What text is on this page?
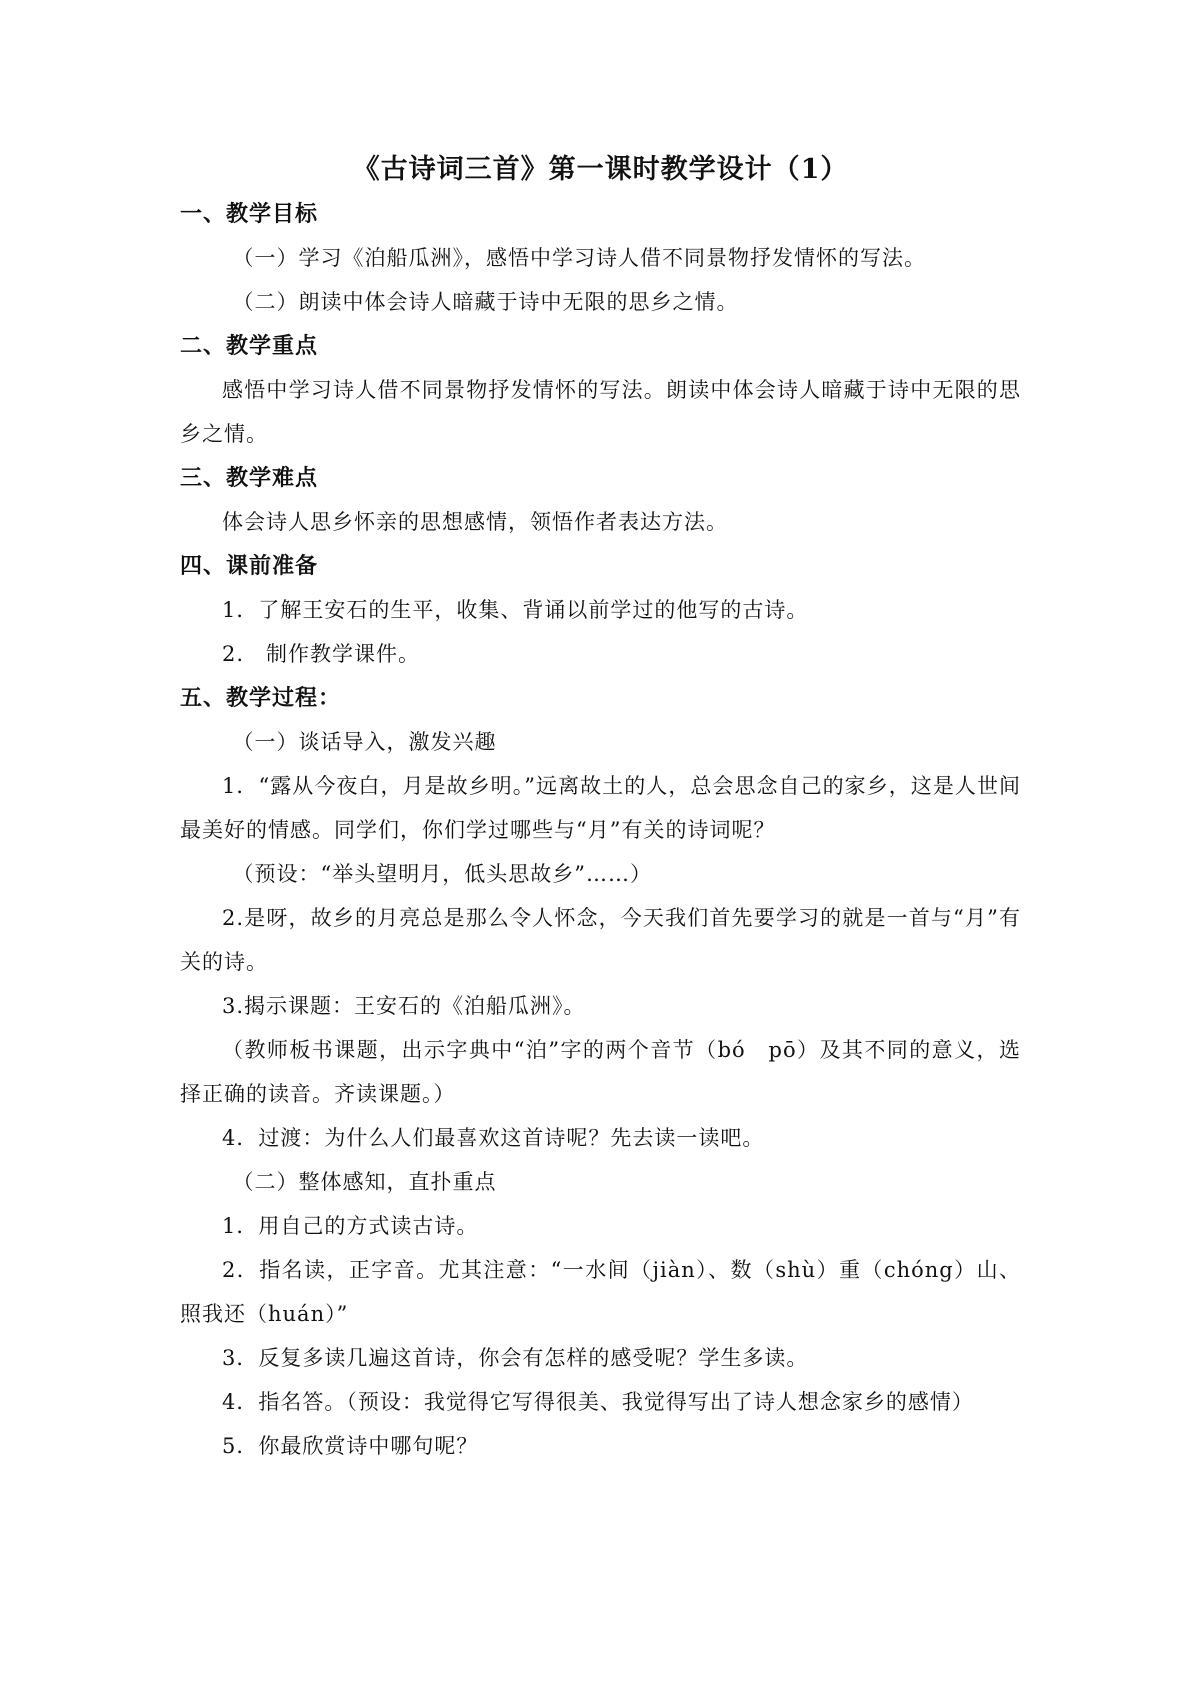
《古诗词三首》第一课时教学设计（1）
一、教学目标

（一）学习《泊船瓜洲》，感悟中学习诗人借不同景物抒发情怀的写法。

（二）朗读中体会诗人暗藏于诗中无限的思乡之情。

二、教学重点

感悟中学习诗人借不同景物抒发情怀的写法。朗读中体会诗人暗藏于诗中无限的思乡之情。

三、教学难点

体会诗人思乡怀亲的思想感情，领悟作者表达方法。

四、课前准备

1．了解王安石的生平，收集、背诵以前学过的他写的古诗。

2.　制作教学课件。

五、教学过程：

（一）谈话导入，激发兴趣

1．“露从今夜白，月是故乡明。”远离故土的人，总会思念自己的家乡，这是人世间最美好的情感。同学们，你们学过哪些与“月”有关的诗词呢？

（预设：“举头望明月，低头思故乡”……）

2.是呀，故乡的月亮总是那么令人怀念，今天我们首先要学习的就是一首与“月”有关的诗。

3.揭示课题：王安石的《泊船瓜洲》。

（教师板书课题，出示字典中“泊”字的两个音节（bó　pō）及其不同的意义，选择正确的读音。齐读课题。）

4．过渡：为什么人们最喜欢这首诗呢？先去读一读吧。

（二）整体感知，直扑重点

1．用自己的方式读古诗。

2．指名读，正字音。尤其注意：“一水间（jiàn）、数（shù）重（chóng）山、照我还（huán）”

3．反复多读几遍这首诗，你会有怎样的感受呢？学生多读。

4．指名答。（预设：我觉得它写得很美、我觉得写出了诗人想念家乡的感情）

5．你最欣赏诗中哪句呢？
